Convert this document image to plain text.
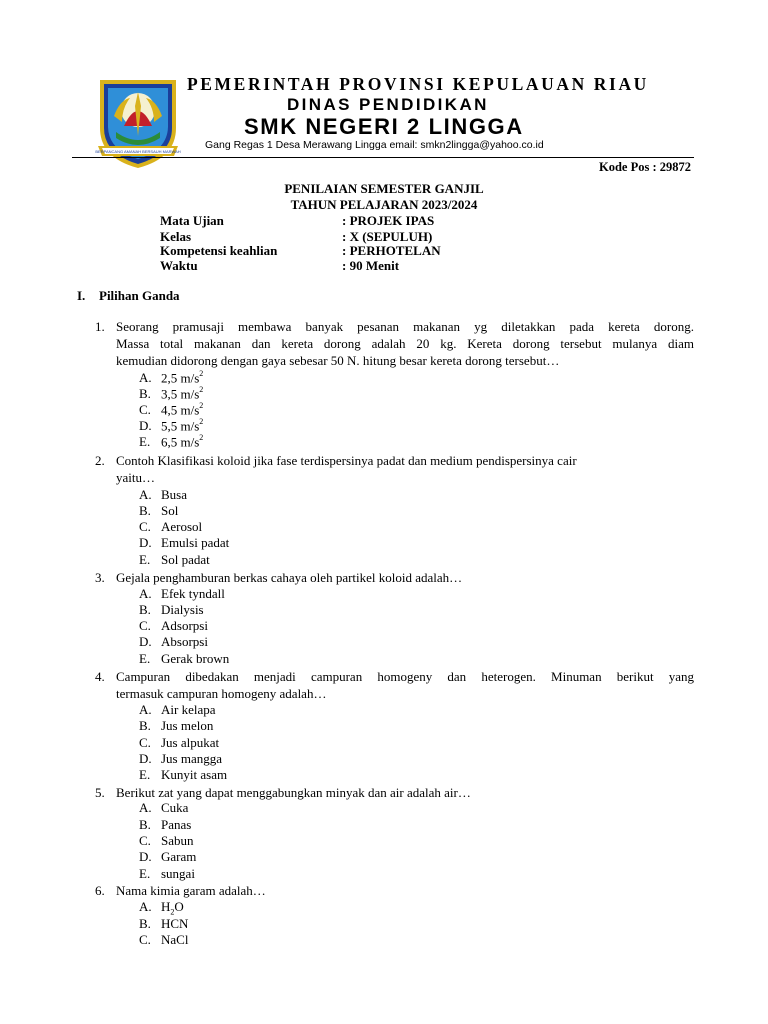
BERPANCANG AMANAH BERSAUH MARWAH
PEMERINTAH PROVINSI KEPULAUAN RIAU
DINAS PENDIDIKAN
SMK NEGERI 2 LINGGA
Gang Regas 1 Desa Merawang Lingga email: smkn2lingga@yahoo.co.id
Kode Pos : 29872
PENILAIAN SEMESTER GANJIL
TAHUN PELAJARAN 2023/2024
Mata Ujian	: PROJEK IPAS
Kelas	: X (SEPULUH)
Kompetensi keahlian	: PERHOTELAN
Waktu	: 90 Menit
I. Pilihan Ganda
1. Seorang pramusaji membawa banyak pesanan makanan yg diletakkan pada kereta dorong.
Massa total makanan dan kereta dorong adalah 20 kg. Kereta dorong tersebut mulanya diam
kemudian didorong dengan gaya sebesar 50 N. hitung besar kereta dorong tersebut…
A. 2,5 $m/s^2$
B. 3,5 $m/s^2$
C. 4,5 $m/s^2$
D. 5,5 $m/s^2$
E. 6,5 $m/s^2$
2. Contoh Klasifikasi koloid jika fase terdispersinya padat dan medium pendispersinya cair
yaitu…
A. Busa
B. Sol
C. Aerosol
D. Emulsi padat
E. Sol padat
3. Gejala penghamburan berkas cahaya oleh partikel koloid adalah…
A. Efek tyndall
B. Dialysis
C. Adsorpsi
D. Absorpsi
E. Gerak brown
4. Campuran dibedakan menjadi campuran homogeny dan heterogen. Minuman berikut yang
termasuk campuran homogeny adalah…
A. Air kelapa
B. Jus melon
C. Jus alpukat
D. Jus mangga
E. Kunyit asam
5. Berikut zat yang dapat menggabungkan minyak dan air adalah air…
A. Cuka
B. Panas
C. Sabun
D. Garam
E. sungai
6. Nama kimia garam adalah…
A. $H_2O$
B. HCN
C. NaCl
